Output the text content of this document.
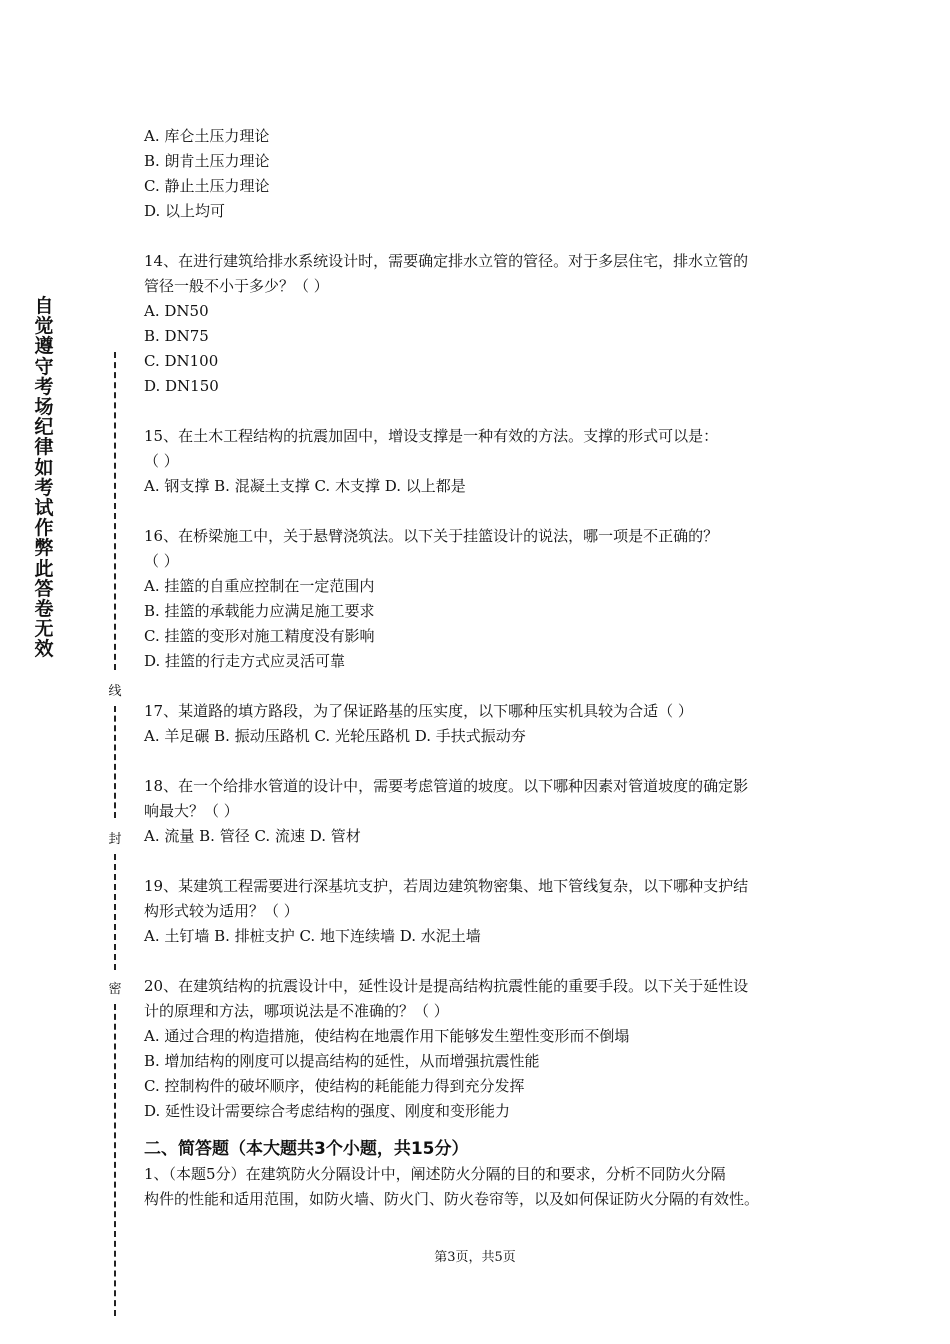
自觉遵守考场纪律如考试作弊此答卷无效
线
封
密
A. 库仑土压力理论
B. 朗肯土压力理论
C. 静止土压力理论
D. 以上均可
14、在进行建筑给排水系统设计时，需要确定排水立管的管径。对于多层住宅，排水立管的
管径一般不小于多少？（ ）
A. DN50
B. DN75
C. DN100
D. DN150
15、在土木工程结构的抗震加固中，增设支撑是一种有效的方法。支撑的形式可以是：
（ ）
A. 钢支撑 B. 混凝土支撑 C. 木支撑 D. 以上都是
16、在桥梁施工中，关于悬臂浇筑法。以下关于挂篮设计的说法，哪一项是不正确的？
（ ）
A. 挂篮的自重应控制在一定范围内
B. 挂篮的承载能力应满足施工要求
C. 挂篮的变形对施工精度没有影响
D. 挂篮的行走方式应灵活可靠
17、某道路的填方路段，为了保证路基的压实度，以下哪种压实机具较为合适（ ）
A. 羊足碾 B. 振动压路机 C. 光轮压路机 D. 手扶式振动夯
18、在一个给排水管道的设计中，需要考虑管道的坡度。以下哪种因素对管道坡度的确定影
响最大？（ ）
A. 流量 B. 管径 C. 流速 D. 管材
19、某建筑工程需要进行深基坑支护，若周边建筑物密集、地下管线复杂，以下哪种支护结
构形式较为适用？（ ）
A. 土钉墙 B. 排桩支护 C. 地下连续墙 D. 水泥土墙
20、在建筑结构的抗震设计中，延性设计是提高结构抗震性能的重要手段。以下关于延性设
计的原理和方法，哪项说法是不准确的？（ ）
A. 通过合理的构造措施，使结构在地震作用下能够发生塑性变形而不倒塌
B. 增加结构的刚度可以提高结构的延性，从而增强抗震性能
C. 控制构件的破坏顺序，使结构的耗能能力得到充分发挥
D. 延性设计需要综合考虑结构的强度、刚度和变形能力
二、简答题（本大题共3个小题，共15分）
1、（本题5分）在建筑防火分隔设计中，阐述防火分隔的目的和要求，分析不同防火分隔
构件的性能和适用范围，如防火墙、防火门、防火卷帘等，以及如何保证防火分隔的有效性。
第3页，共5页
